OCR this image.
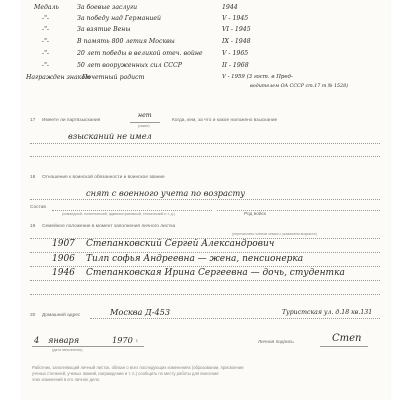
Медаль	За боевые заслуги	1944
-"-	За победу над Германией	V - 1945
-"-	За взятие Вены	VI - 1945
-"-	В память 800 летия Москвы	IX - 1948
-"-	20 лет победы в великой отеч. войне	V - 1965
-"-	50 лет вооруженных сил СССР	II - 1968
Награжден знаком
Почетный радист	V - 1959 (3 гост. в Пред-
водителем ОА СССР ст.17 т № 1528)
17 Имеете ли партвзыскания
нет
(какие)
Когда, кем, за что и какое наложено взыскание
взысканий не имел
18 Отношение к воинской обязанности и воинское звание
снят с военного учета по возрасту
Состав
(командный, политический, административный, технический и т. д.)	Род войск
19 Семейное положение в момент заполнения личного листка
(перечислить членов семьи с указанием возраста)
1907 Степанковский Сергей Александрович
1906 Тилп софья Андреевна — жена, пенсионерка
1946 Степанковская Ирина Сергеевна — дочь, студентка
20 Домашний адрес	Москва Д-453	Туристская ул. д.18 кв.131
4 января	1970 г.
(дата заполнения)
Личная подпись	Степ
Работник, заполняющий личный листок, обязан о всех последующих изменениях (образовании, присвоении
ученых степеней, ученых званий, награждении и т. п.) сообщить по месту работы для внесения
этих изменений в его личное дело.
